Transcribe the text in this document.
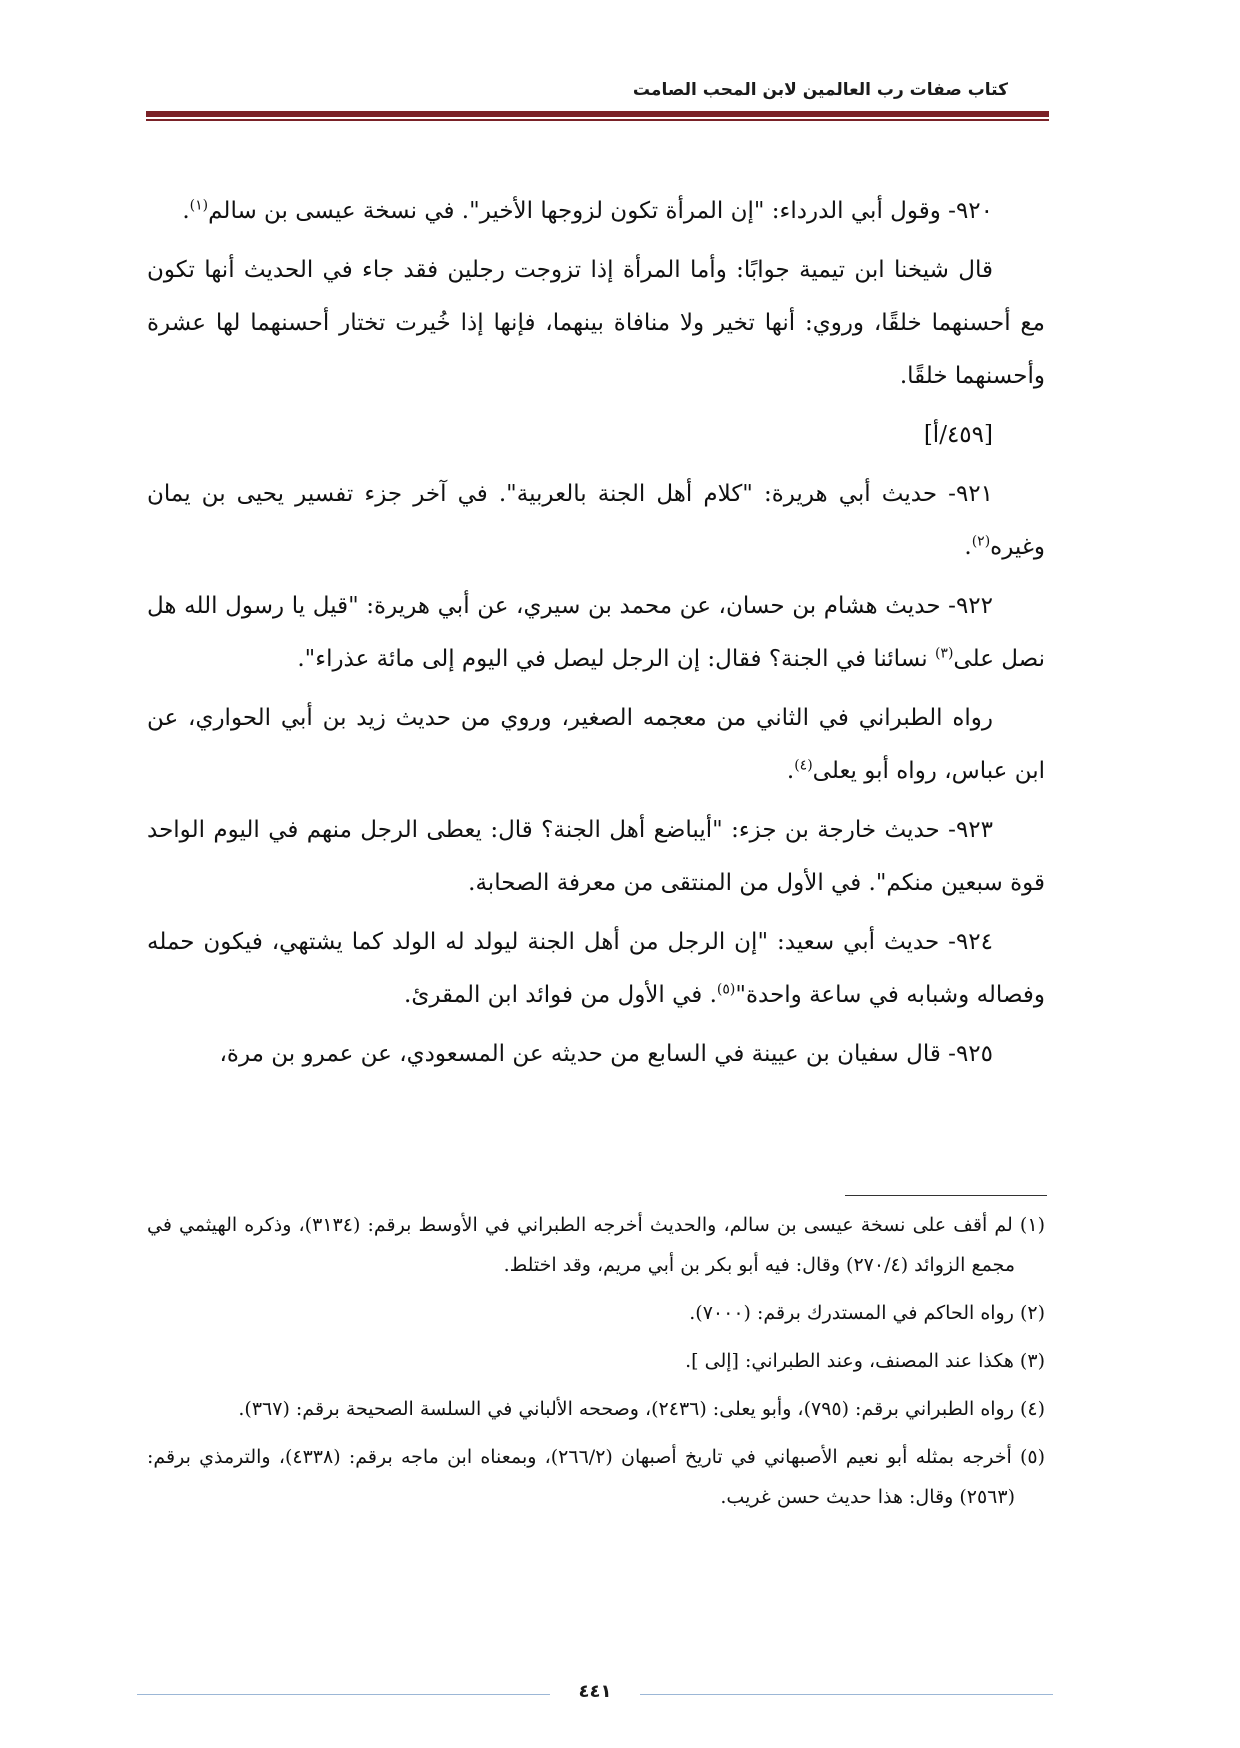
كتاب صفات رب العالمين لابن المحب الصامت

٩٢٠- وقول أبي الدرداء: "إن المرأة تكون لزوجها الأخير". في نسخة عيسى بن سالم$^{(١)}$.

قال شيخنا ابن تيمية جوابًا: وأما المرأة إذا تزوجت رجلين فقد جاء في الحديث أنها تكون مع أحسنهما خلقًا، وروي: أنها تخير ولا منافاة بينهما، فإنها إذا خُيرت تختار أحسنهما لها عشرة وأحسنهما خلقًا.

[٤٥٩/أ]

٩٢١- حديث أبي هريرة: "كلام أهل الجنة بالعربية". في آخر جزء تفسير يحيى بن يمان وغيره$^{(٢)}$.

٩٢٢- حديث هشام بن حسان، عن محمد بن سيري، عن أبي هريرة: "قيل يا رسول الله هل نصل على$^{(٣)}$ نسائنا في الجنة؟ فقال: إن الرجل ليصل في اليوم إلى مائة عذراء".

رواه الطبراني في الثاني من معجمه الصغير، وروي من حديث زيد بن أبي الحواري، عن ابن عباس، رواه أبو يعلى$^{(٤)}$.

٩٢٣- حديث خارجة بن جزء: "أيباضع أهل الجنة؟ قال: يعطى الرجل منهم في اليوم الواحد قوة سبعين منكم". في الأول من المنتقى من معرفة الصحابة.

٩٢٤- حديث أبي سعيد: "إن الرجل من أهل الجنة ليولد له الولد كما يشتهي، فيكون حمله وفصاله وشبابه في ساعة واحدة"$^{(٥)}$. في الأول من فوائد ابن المقرئ.

٩٢٥- قال سفيان بن عيينة في السابع من حديثه عن المسعودي، عن عمرو بن مرة،

(١) لم أقف على نسخة عيسى بن سالم، والحديث أخرجه الطبراني في الأوسط برقم: (٣١٣٤)، وذكره الهيثمي في مجمع الزوائد (٢٧٠/٤) وقال: فيه أبو بكر بن أبي مريم، وقد اختلط.
(٢) رواه الحاكم في المستدرك برقم: (٧٠٠٠).
(٣) هكذا عند المصنف، وعند الطبراني: [إلى ].
(٤) رواه الطبراني برقم: (٧٩٥)، وأبو يعلى: (٢٤٣٦)، وصححه الألباني في السلسة الصحيحة برقم: (٣٦٧).
(٥) أخرجه بمثله أبو نعيم الأصبهاني في تاريخ أصبهان (٢٦٦/٢)، وبمعناه ابن ماجه برقم: (٤٣٣٨)، والترمذي برقم: (٢٥٦٣) وقال: هذا حديث حسن غريب.
٤٤١
